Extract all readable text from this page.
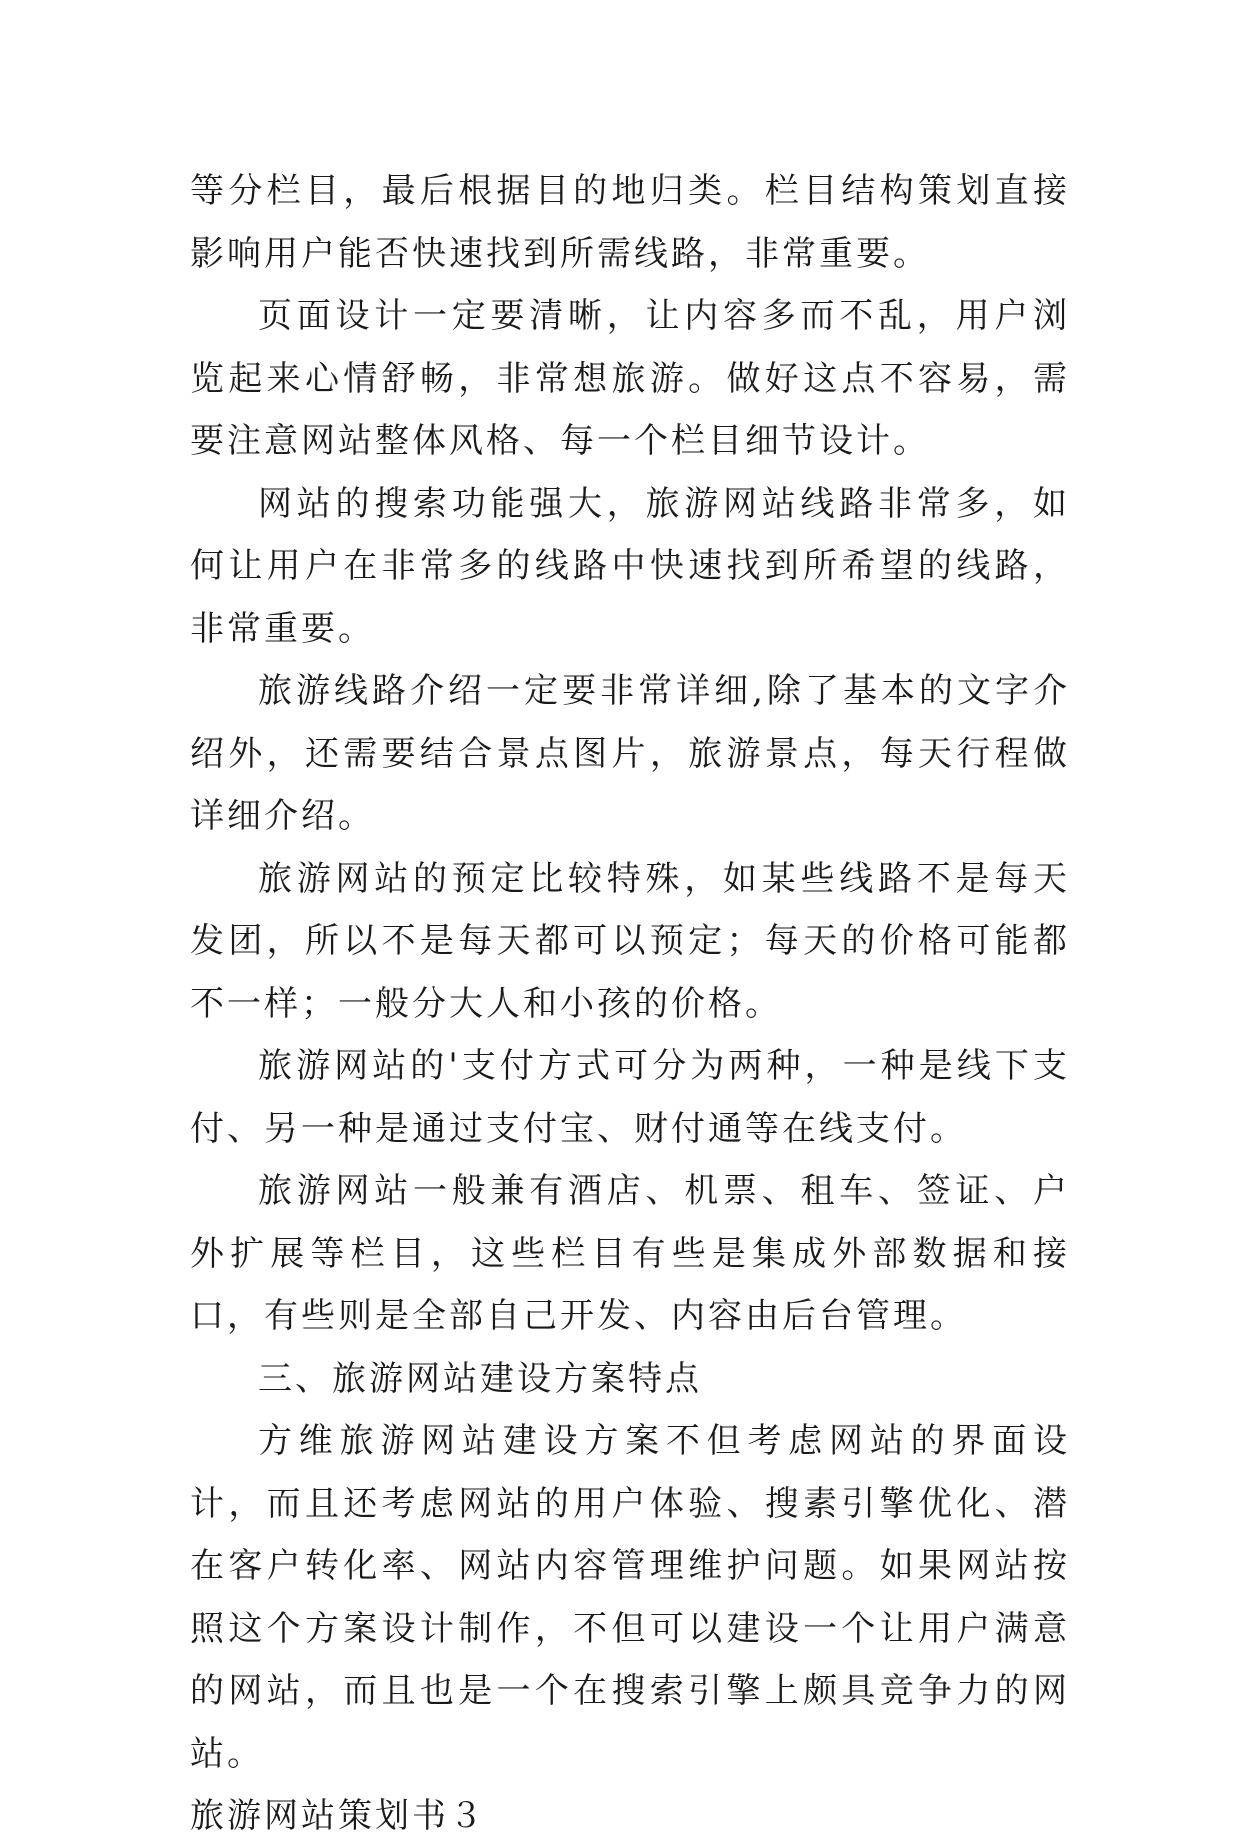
等分栏目，最后根据目的地归类。栏目结构策划直接影响用户能否快速找到所需线路，非常重要。

页面设计一定要清晰，让内容多而不乱，用户浏览起来心情舒畅，非常想旅游。做好这点不容易，需要注意网站整体风格、每一个栏目细节设计。

网站的搜索功能强大，旅游网站线路非常多，如何让用户在非常多的线路中快速找到所希望的线路，非常重要。

旅游线路介绍一定要非常详细,除了基本的文字介绍外，还需要结合景点图片，旅游景点，每天行程做详细介绍。

旅游网站的预定比较特殊，如某些线路不是每天发团，所以不是每天都可以预定；每天的价格可能都不一样；一般分大人和小孩的价格。

旅游网站的'支付方式可分为两种，一种是线下支付、另一种是通过支付宝、财付通等在线支付。

旅游网站一般兼有酒店、机票、租车、签证、户外扩展等栏目，这些栏目有些是集成外部数据和接口，有些则是全部自己开发、内容由后台管理。

三、旅游网站建设方案特点

方维旅游网站建设方案不但考虑网站的界面设计，而且还考虑网站的用户体验、搜素引擎优化、潜在客户转化率、网站内容管理维护问题。如果网站按照这个方案设计制作，不但可以建设一个让用户满意的网站，而且也是一个在搜索引擎上颇具竞争力的网站。

旅游网站策划书３
